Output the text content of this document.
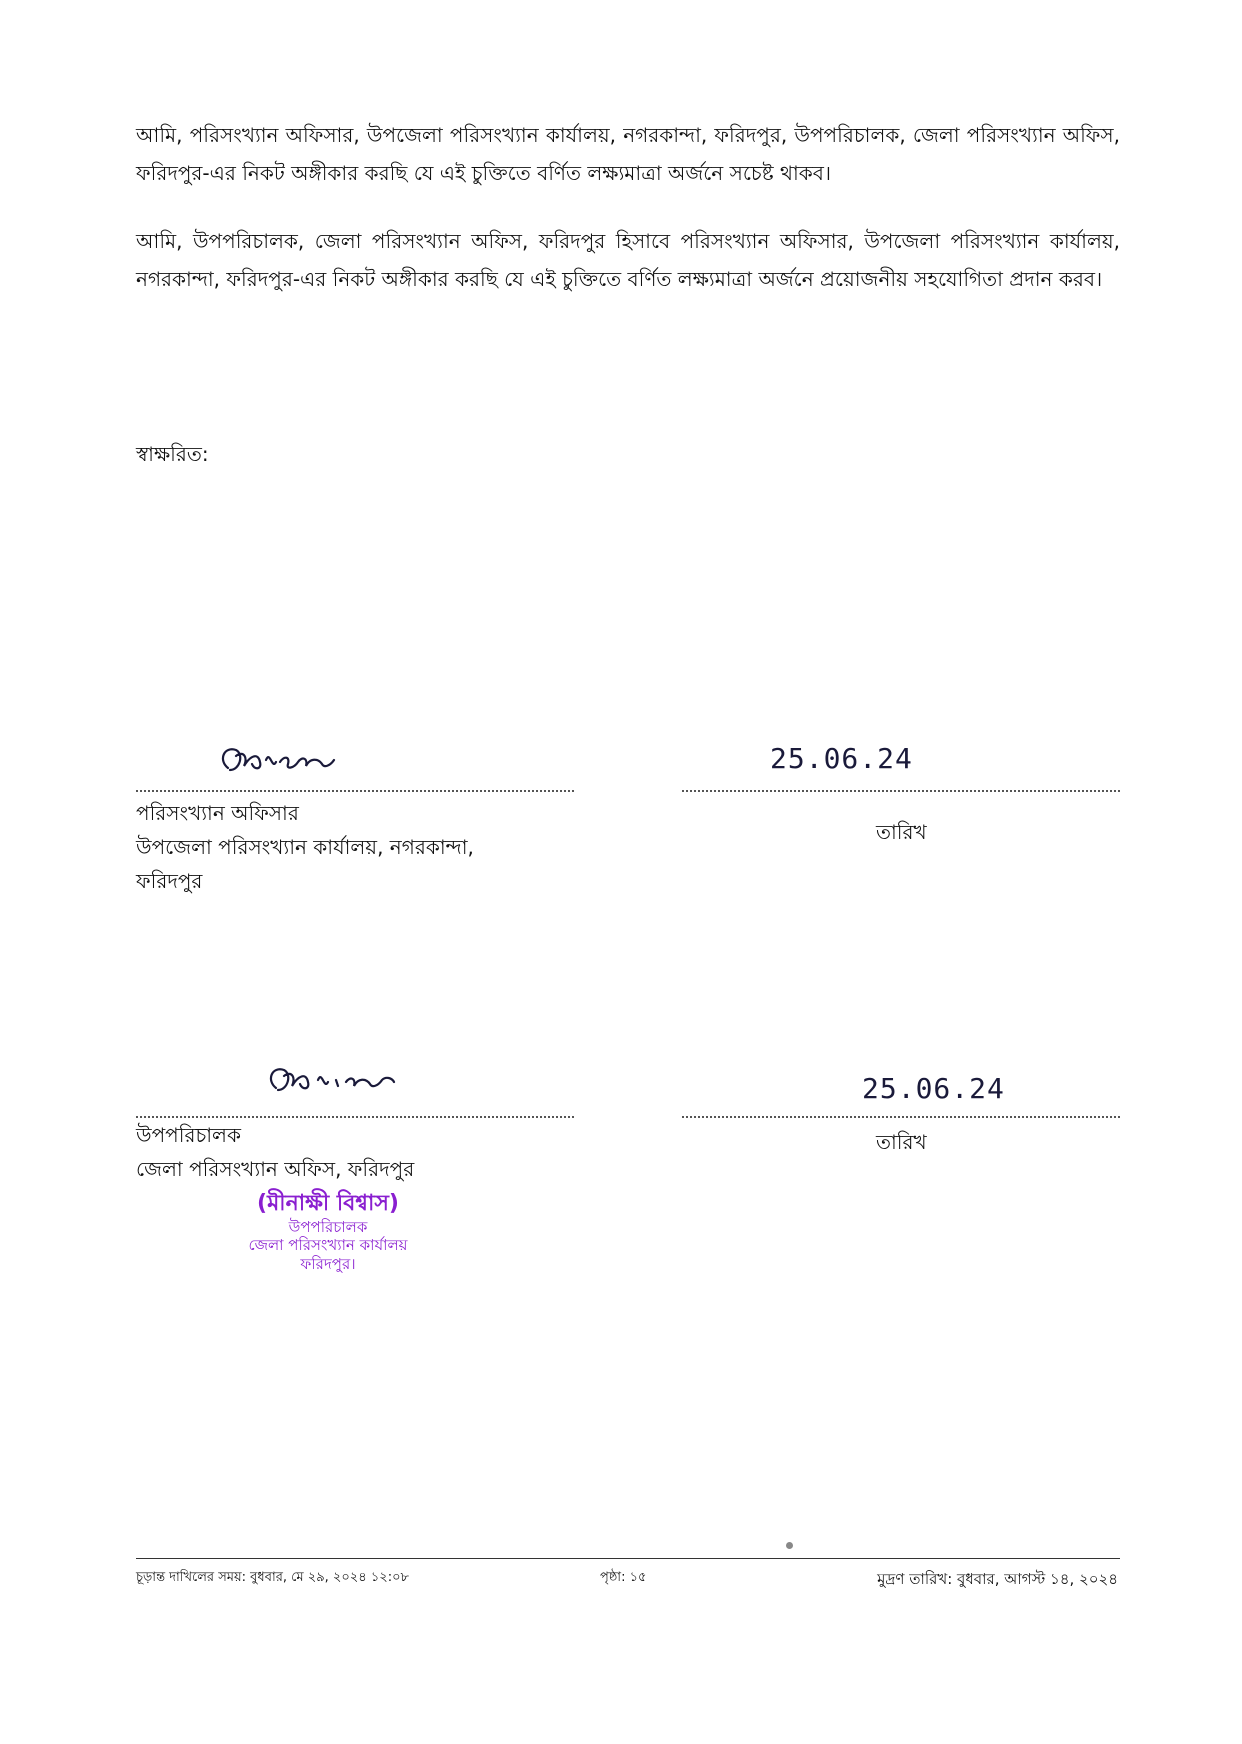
আমি, পরিসংখ্যান অফিসার, উপজেলা পরিসংখ্যান কার্যালয়, নগরকান্দা, ফরিদপুর, উপপরিচালক, জেলা পরিসংখ্যান অফিস, ফরিদপুর-এর নিকট অঙ্গীকার করছি যে এই চুক্তিতে বর্ণিত লক্ষ্যমাত্রা অর্জনে সচেষ্ট থাকব।

আমি, উপপরিচালক, জেলা পরিসংখ্যান অফিস, ফরিদপুর হিসাবে পরিসংখ্যান অফিসার, উপজেলা পরিসংখ্যান কার্যালয়, নগরকান্দা, ফরিদপুর-এর নিকট অঙ্গীকার করছি যে এই চুক্তিতে বর্ণিত লক্ষ্যমাত্রা অর্জনে প্রয়োজনীয় সহযোগিতা প্রদান করব।

স্বাক্ষরিত:
পরিসংখ্যান অফিসার
উপজেলা পরিসংখ্যান কার্যালয়, নগরকান্দা,
ফরিদপুর
25.06.24
তারিখ
উপপরিচালক
জেলা পরিসংখ্যান অফিস, ফরিদপুর
25.06.24
তারিখ
(মীনাক্ষী বিশ্বাস)
উপপরিচালক
জেলা পরিসংখ্যান কার্যালয়
ফরিদপুর।
চূড়ান্ত দাখিলের সময়: বুধবার, মে ২৯, ২০২৪ ১২:০৮	পৃষ্ঠা: ১৫	মুদ্রণ তারিখ: বুধবার, আগস্ট ১৪, ২০২৪
